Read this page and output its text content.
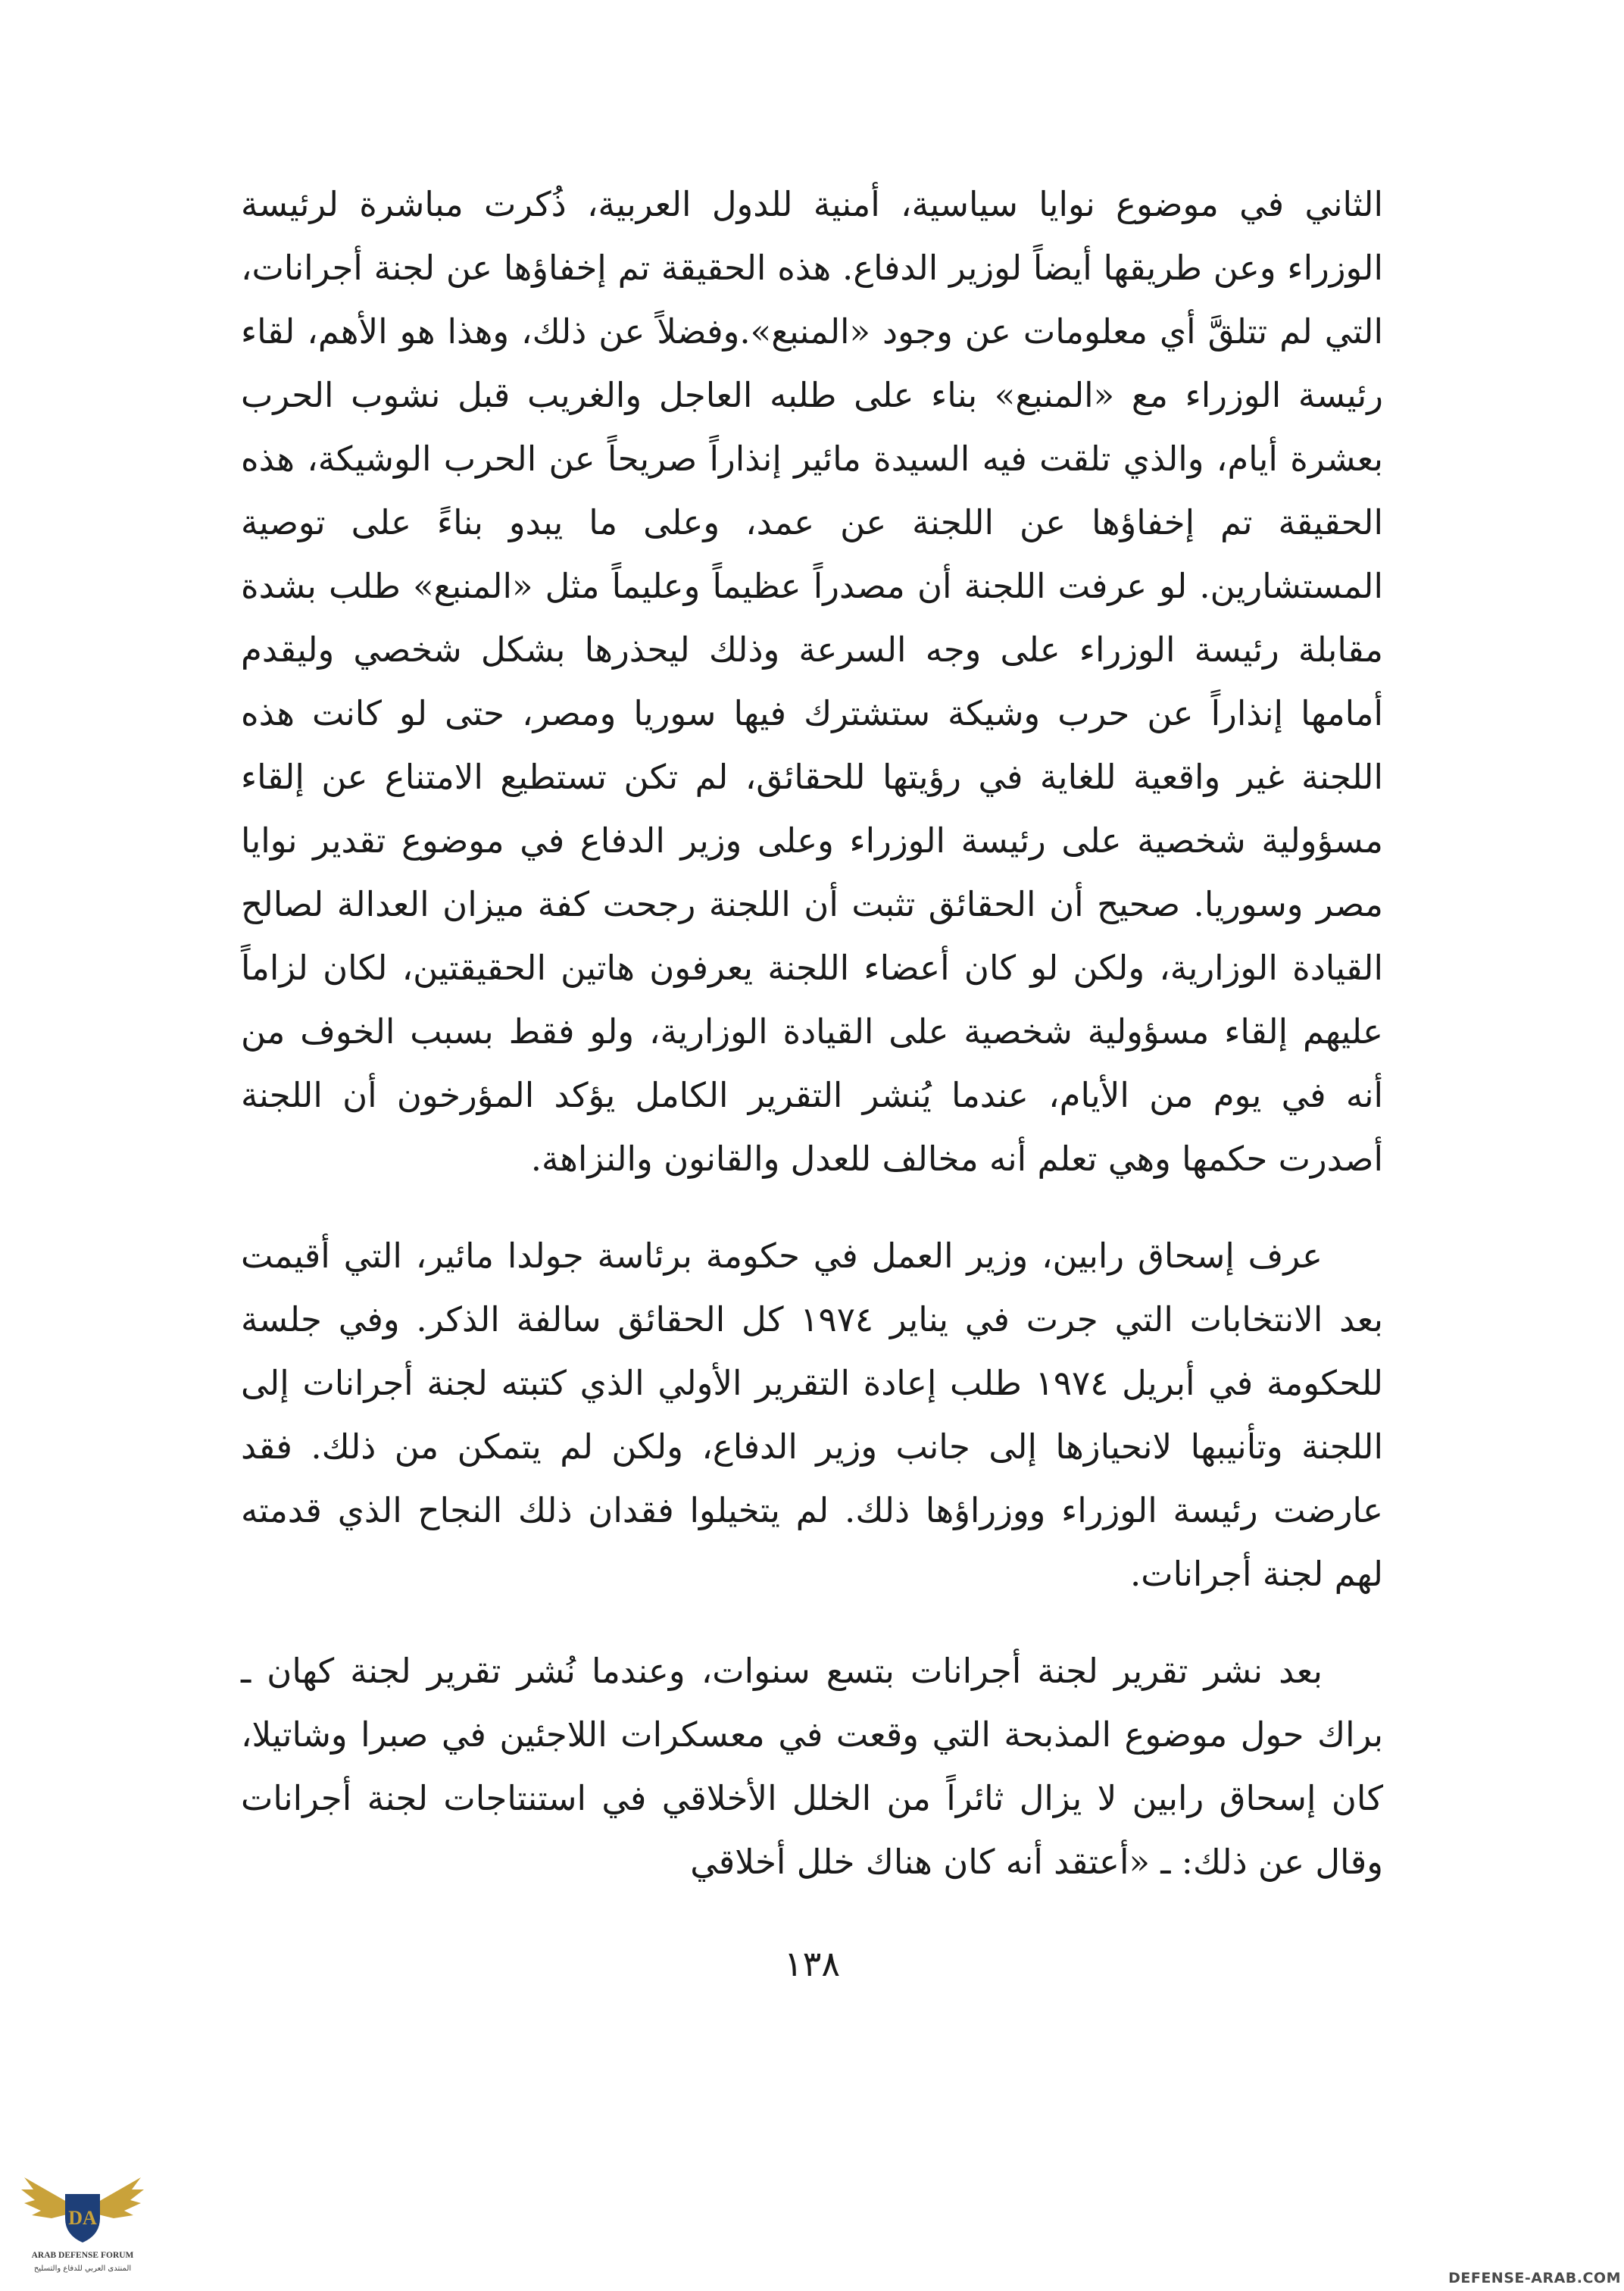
الثاني في موضوع نوايا سياسية، أمنية للدول العربية، ذُكرت مباشرة لرئيسة الوزراء وعن طريقها أيضاً لوزير الدفاع. هذه الحقيقة تم إخفاؤها عن لجنة أجرانات، التي لم تتلقَّ أي معلومات عن وجود «المنبع».وفضلاً عن ذلك، وهذا هو الأهم، لقاء رئيسة الوزراء مع «المنبع» بناء على طلبه العاجل والغريب قبل نشوب الحرب بعشرة أيام، والذي تلقت فيه السيدة مائير إنذاراً صريحاً عن الحرب الوشيكة، هذه الحقيقة تم إخفاؤها عن اللجنة عن عمد، وعلى ما يبدو بناءً على توصية المستشارين. لو عرفت اللجنة أن مصدراً عظيماً وعليماً مثل «المنبع» طلب بشدة مقابلة رئيسة الوزراء على وجه السرعة وذلك ليحذرها بشكل شخصي وليقدم أمامها إنذاراً عن حرب وشيكة ستشترك فيها سوريا ومصر، حتى لو كانت هذه اللجنة غير واقعية للغاية في رؤيتها للحقائق، لم تكن تستطيع الامتناع عن إلقاء مسؤولية شخصية على رئيسة الوزراء وعلى وزير الدفاع في موضوع تقدير نوايا مصر وسوريا. صحيح أن الحقائق تثبت أن اللجنة رجحت كفة ميزان العدالة لصالح القيادة الوزارية، ولكن لو كان أعضاء اللجنة يعرفون هاتين الحقيقتين، لكان لزاماً عليهم إلقاء مسؤولية شخصية على القيادة الوزارية، ولو فقط بسبب الخوف من أنه في يوم من الأيام، عندما يُنشر التقرير الكامل يؤكد المؤرخون أن اللجنة أصدرت حكمها وهي تعلم أنه مخالف للعدل والقانون والنزاهة.

عرف إسحاق رابين، وزير العمل في حكومة برئاسة جولدا مائير، التي أقيمت بعد الانتخابات التي جرت في يناير ١٩٧٤ كل الحقائق سالفة الذكر. وفي جلسة للحكومة في أبريل ١٩٧٤ طلب إعادة التقرير الأولي الذي كتبته لجنة أجرانات إلى اللجنة وتأنيبها لانحيازها إلى جانب وزير الدفاع، ولكن لم يتمكن من ذلك. فقد عارضت رئيسة الوزراء ووزراؤها ذلك. لم يتخيلوا فقدان ذلك النجاح الذي قدمته لهم لجنة أجرانات.

بعد نشر تقرير لجنة أجرانات بتسع سنوات، وعندما نُشر تقرير لجنة كهان ـ براك حول موضوع المذبحة التي وقعت في معسكرات اللاجئين في صبرا وشاتيلا، كان إسحاق رابين لا يزال ثائراً من الخلل الأخلاقي في استنتاجات لجنة أجرانات وقال عن ذلك: ـ «أعتقد أنه كان هناك خلل أخلاقي

١٣٨
DA
ARAB DEFENSE FORUM
المنتدى العربي للدفاع والتسليح
DEFENSE-ARAB.COM
